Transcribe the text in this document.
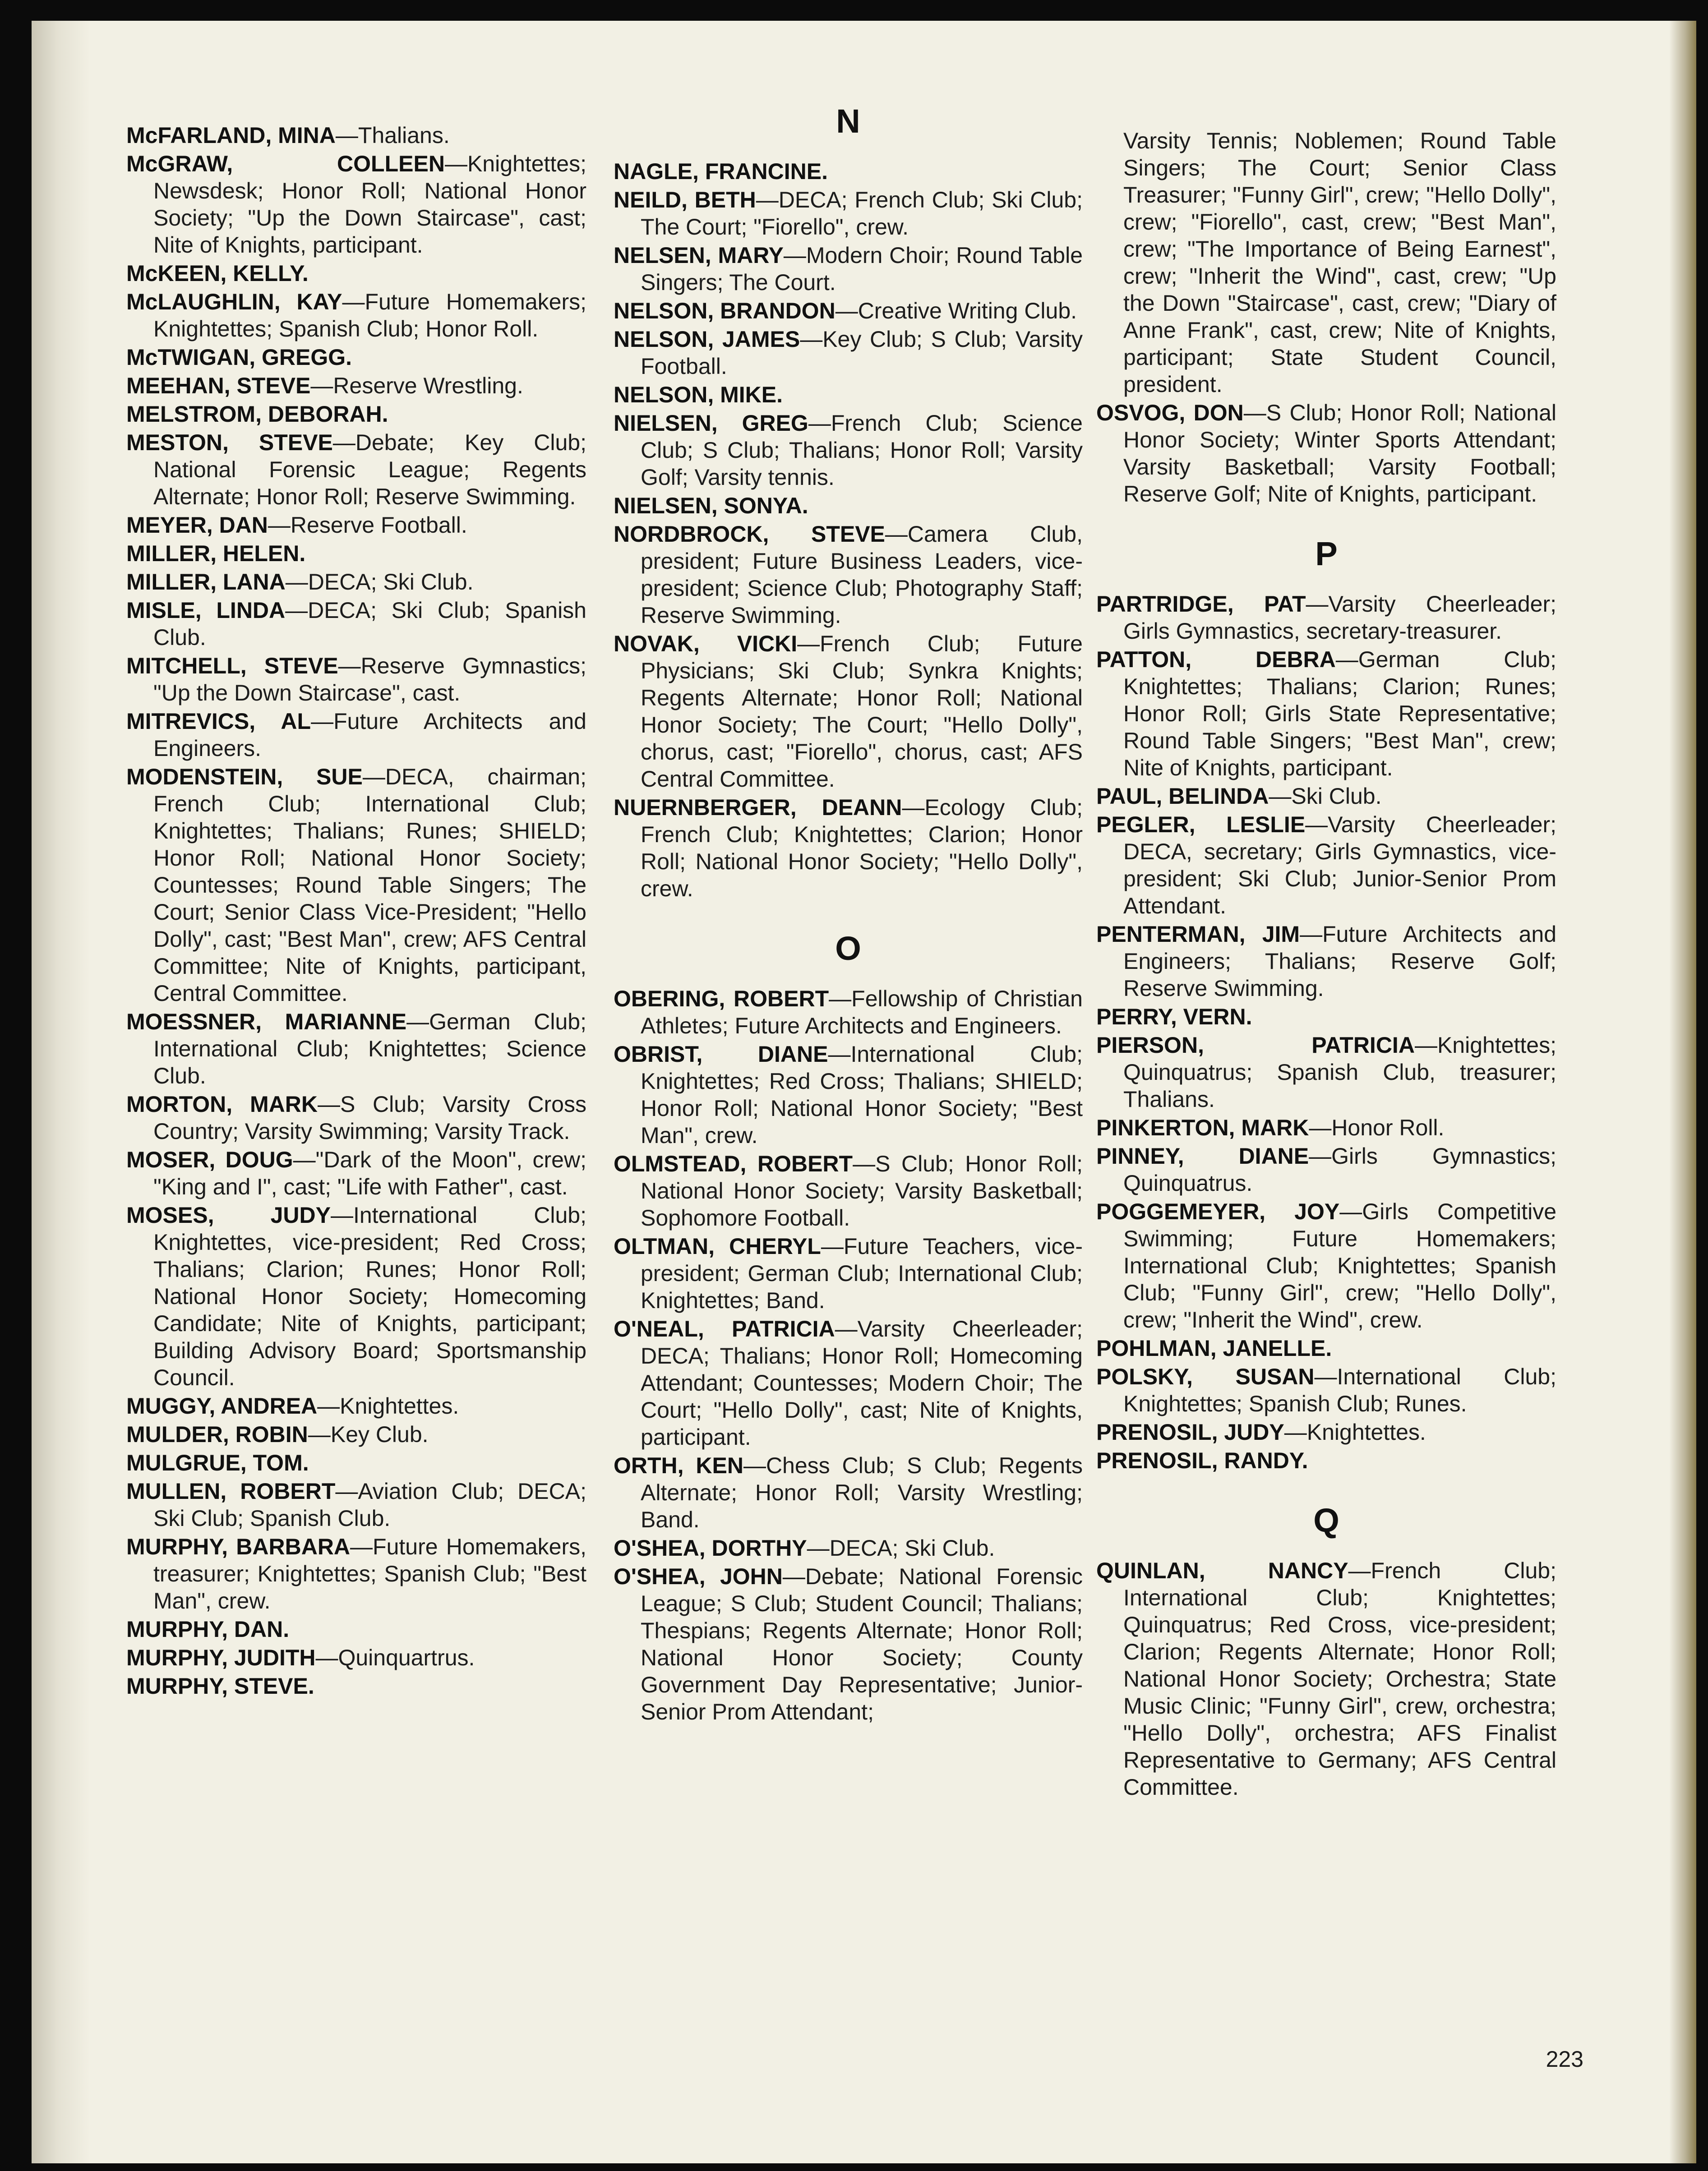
McFARLAND, MINA—Thalians.
McGRAW, COLLEEN—Knightettes; Newsdesk; Honor Roll; National Honor Society; "Up the Down Staircase", cast; Nite of Knights, participant.
McKEEN, KELLY.
McLAUGHLIN, KAY—Future Homemakers; Knightettes; Spanish Club; Honor Roll.
McTWIGAN, GREGG.
MEEHAN, STEVE—Reserve Wrestling.
MELSTROM, DEBORAH.
MESTON, STEVE—Debate; Key Club; National Forensic League; Regents Alternate; Honor Roll; Reserve Swimming.
MEYER, DAN—Reserve Football.
MILLER, HELEN.
MILLER, LANA—DECA; Ski Club.
MISLE, LINDA—DECA; Ski Club; Spanish Club.
MITCHELL, STEVE—Reserve Gymnastics; "Up the Down Staircase", cast.
MITREVICS, AL—Future Architects and Engineers.
MODENSTEIN, SUE—DECA, chairman; French Club; International Club; Knightettes; Thalians; Runes; SHIELD; Honor Roll; National Honor Society; Countesses; Round Table Singers; The Court; Senior Class Vice-President; "Hello Dolly", cast; "Best Man", crew; AFS Central Committee; Nite of Knights, participant, Central Committee.
MOESSNER, MARIANNE—German Club; International Club; Knightettes; Science Club.
MORTON, MARK—S Club; Varsity Cross Country; Varsity Swimming; Varsity Track.
MOSER, DOUG—"Dark of the Moon", crew; "King and I", cast; "Life with Father", cast.
MOSES, JUDY—International Club; Knightettes, vice-president; Red Cross; Thalians; Clarion; Runes; Honor Roll; National Honor Society; Homecoming Candidate; Nite of Knights, participant; Building Advisory Board; Sportsmanship Council.
MUGGY, ANDREA—Knightettes.
MULDER, ROBIN—Key Club.
MULGRUE, TOM.
MULLEN, ROBERT—Aviation Club; DECA; Ski Club; Spanish Club.
MURPHY, BARBARA—Future Homemakers, treasurer; Knightettes; Spanish Club; "Best Man", crew.
MURPHY, DAN.
MURPHY, JUDITH—Quinquartrus.
MURPHY, STEVE.
N
NAGLE, FRANCINE.
NEILD, BETH—DECA; French Club; Ski Club; The Court; "Fiorello", crew.
NELSEN, MARY—Modern Choir; Round Table Singers; The Court.
NELSON, BRANDON—Creative Writing Club.
NELSON, JAMES—Key Club; S Club; Varsity Football.
NELSON, MIKE.
NIELSEN, GREG—French Club; Science Club; S Club; Thalians; Honor Roll; Varsity Golf; Varsity tennis.
NIELSEN, SONYA.
NORDBROCK, STEVE—Camera Club, president; Future Business Leaders, vice-president; Science Club; Photography Staff; Reserve Swimming.
NOVAK, VICKI—French Club; Future Physicians; Ski Club; Synkra Knights; Regents Alternate; Honor Roll; National Honor Society; The Court; "Hello Dolly", chorus, cast; "Fiorello", chorus, cast; AFS Central Committee.
NUERNBERGER, DEANN—Ecology Club; French Club; Knightettes; Clarion; Honor Roll; National Honor Society; "Hello Dolly", crew.
O
OBERING, ROBERT—Fellowship of Christian Athletes; Future Architects and Engineers.
OBRIST, DIANE—International Club; Knightettes; Red Cross; Thalians; SHIELD; Honor Roll; National Honor Society; "Best Man", crew.
OLMSTEAD, ROBERT—S Club; Honor Roll; National Honor Society; Varsity Basketball; Sophomore Football.
OLTMAN, CHERYL—Future Teachers, vice-president; German Club; International Club; Knightettes; Band.
O'NEAL, PATRICIA—Varsity Cheerleader; DECA; Thalians; Honor Roll; Homecoming Attendant; Countesses; Modern Choir; The Court; "Hello Dolly", cast; Nite of Knights, participant.
ORTH, KEN—Chess Club; S Club; Regents Alternate; Honor Roll; Varsity Wrestling; Band.
O'SHEA, DORTHY—DECA; Ski Club.
O'SHEA, JOHN—Debate; National Forensic League; S Club; Student Council; Thalians; Thespians; Regents Alternate; Honor Roll; National Honor Society; County Government Day Representative; Junior-Senior Prom Attendant;
Varsity Tennis; Noblemen; Round Table Singers; The Court; Senior Class Treasurer; "Funny Girl", crew; "Hello Dolly", crew; "Fiorello", cast, crew; "Best Man", crew; "The Importance of Being Earnest", crew; "Inherit the Wind", cast, crew; "Up the Down "Staircase", cast, crew; "Diary of Anne Frank", cast, crew; Nite of Knights, participant; State Student Council, president.
OSVOG, DON—S Club; Honor Roll; National Honor Society; Winter Sports Attendant; Varsity Basketball; Varsity Football; Reserve Golf; Nite of Knights, participant.
P
PARTRIDGE, PAT—Varsity Cheerleader; Girls Gymnastics, secretary-treasurer.
PATTON, DEBRA—German Club; Knightettes; Thalians; Clarion; Runes; Honor Roll; Girls State Representative; Round Table Singers; "Best Man", crew; Nite of Knights, participant.
PAUL, BELINDA—Ski Club.
PEGLER, LESLIE—Varsity Cheerleader; DECA, secretary; Girls Gymnastics, vice-president; Ski Club; Junior-Senior Prom Attendant.
PENTERMAN, JIM—Future Architects and Engineers; Thalians; Reserve Golf; Reserve Swimming.
PERRY, VERN.
PIERSON, PATRICIA—Knightettes; Quinquatrus; Spanish Club, treasurer; Thalians.
PINKERTON, MARK—Honor Roll.
PINNEY, DIANE—Girls Gymnastics; Quinquatrus.
POGGEMEYER, JOY—Girls Competitive Swimming; Future Homemakers; International Club; Knightettes; Spanish Club; "Funny Girl", crew; "Hello Dolly", crew; "Inherit the Wind", crew.
POHLMAN, JANELLE.
POLSKY, SUSAN—International Club; Knightettes; Spanish Club; Runes.
PRENOSIL, JUDY—Knightettes.
PRENOSIL, RANDY.
Q
QUINLAN, NANCY—French Club; International Club; Knightettes; Quinquatrus; Red Cross, vice-president; Clarion; Regents Alternate; Honor Roll; National Honor Society; Orchestra; State Music Clinic; "Funny Girl", crew, orchestra; "Hello Dolly", orchestra; AFS Finalist Representative to Germany; AFS Central Committee.
223
